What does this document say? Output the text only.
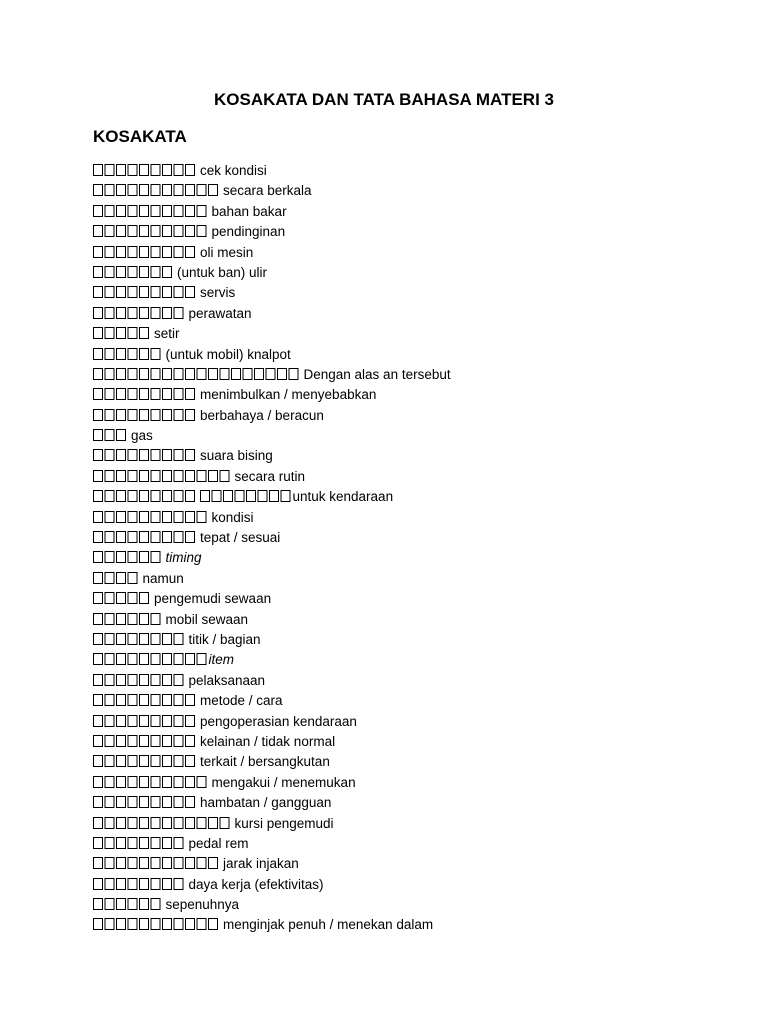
KOSAKATA DAN TATA BAHASA MATERI 3
KOSAKATA
cek kondisi
secara berkala
bahan bakar
pendinginan
oli mesin
(untuk ban) ulir
servis
perawatan
setir
(untuk mobil) knalpot
Dengan alas an tersebut
menimbulkan / menyebabkan
berbahaya / beracun
gas
suara bising
secara rutin
untuk kendaraan
kondisi
tepat / sesuai
timing
namun
pengemudi sewaan
mobil sewaan
titik / bagian
item
pelaksanaan
metode / cara
pengoperasian kendaraan
kelainan / tidak normal
terkait / bersangkutan
mengakui / menemukan
hambatan / gangguan
kursi pengemudi
pedal rem
jarak injakan
daya kerja (efektivitas)
sepenuhnya
menginjak penuh / menekan dalam
